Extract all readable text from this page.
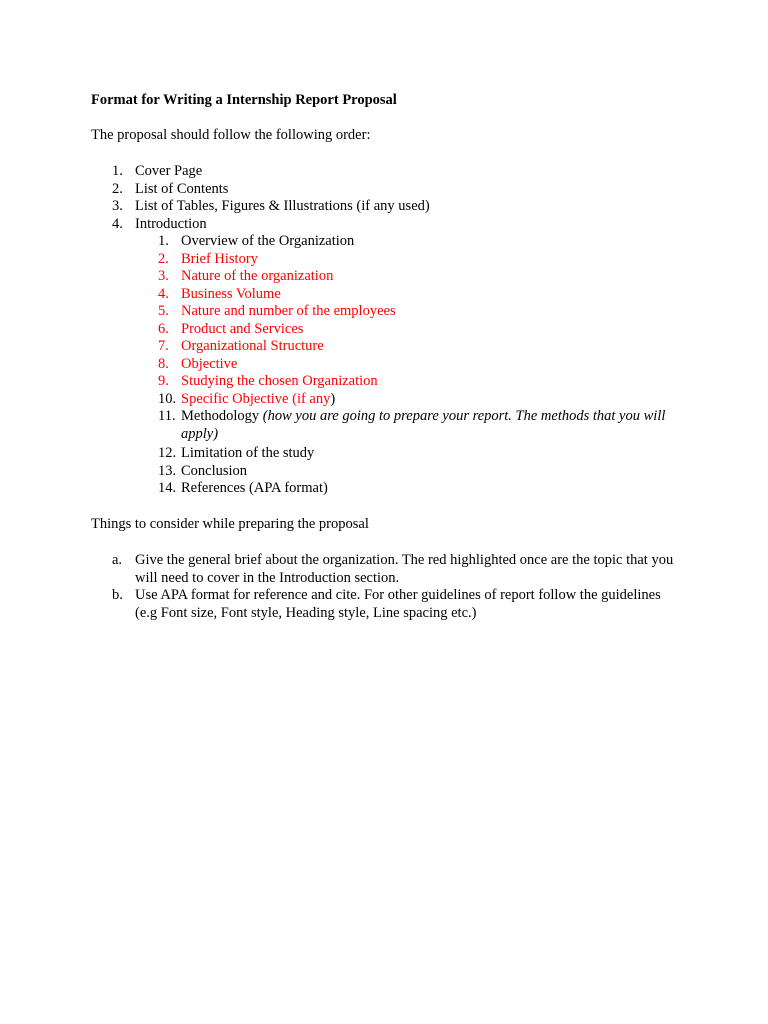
Format for Writing a Internship Report Proposal
The proposal should follow the following order:
1. Cover Page
2. List of Contents
3. List of Tables, Figures & Illustrations (if any used)
4. Introduction
1. Overview of the Organization
2. Brief History
3. Nature of the organization
4. Business Volume
5. Nature and number of the employees
6. Product and Services
7. Organizational Structure
8. Objective
9. Studying the chosen Organization
10. Specific Objective (if any)
11. Methodology (how you are going to prepare your report. The methods that you will apply)
12. Limitation of the study
13. Conclusion
14. References (APA format)
Things to consider while preparing the proposal
a. Give the general brief about the organization. The red highlighted once are the topic that you will need to cover in the Introduction section.
b. Use APA format for reference and cite. For other guidelines of report follow the guidelines (e.g Font size, Font style, Heading style, Line spacing etc.)
